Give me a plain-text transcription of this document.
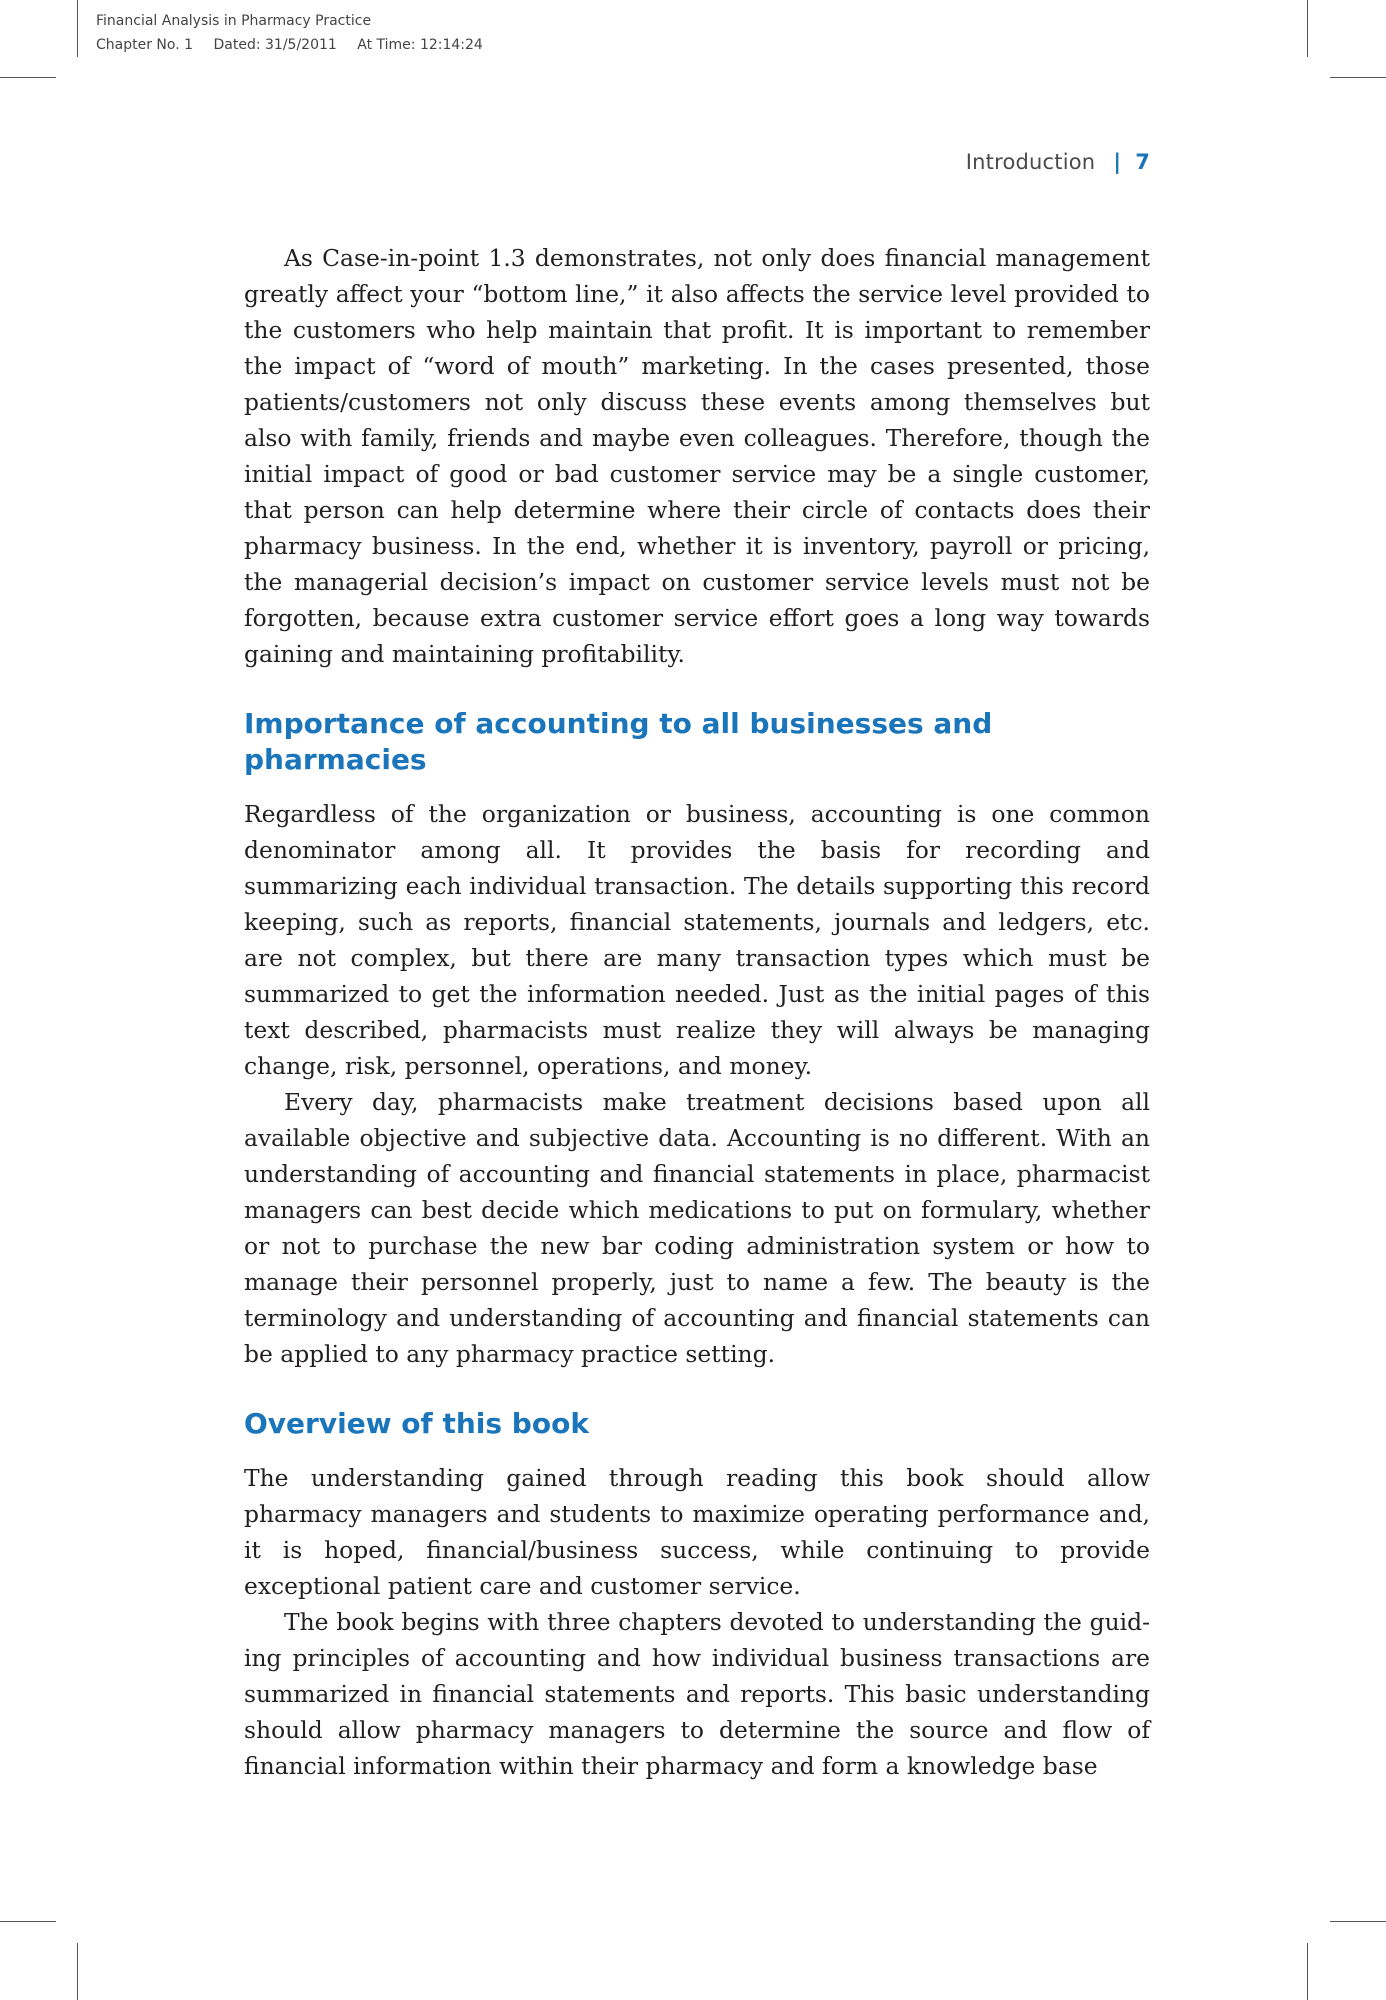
Financial Analysis in Pharmacy Practice
Chapter No. 1 Dated: 31/5/2011 At Time: 12:14:24
Introduction | 7

As Case-in-point 1.3 demonstrates, not only does financial management greatly affect your “bottom line,” it also affects the service level provided to the customers who help maintain that profit. It is important to remember the impact of “word of mouth” marketing. In the cases presented, those patients/customers not only discuss these events among themselves but also with family, friends and maybe even colleagues. Therefore, though the initial impact of good or bad customer service may be a single customer, that person can help determine where their circle of contacts does their pharmacy business. In the end, whether it is inventory, payroll or pricing, the managerial decision’s impact on customer service levels must not be forgotten, because extra customer service effort goes a long way towards gaining and maintaining profitability.

Importance of accounting to all businesses and pharmacies

Regardless of the organization or business, accounting is one common denominator among all. It provides the basis for recording and summarizing each individual transaction. The details supporting this record keeping, such as reports, financial statements, journals and ledgers, etc. are not complex, but there are many transaction types which must be summarized to get the information needed. Just as the initial pages of this text described, pharmacists must realize they will always be managing change, risk, personnel, operations, and money.

Every day, pharmacists make treatment decisions based upon all available objective and subjective data. Accounting is no different. With an understanding of accounting and financial statements in place, pharmacist managers can best decide which medications to put on formulary, whether or not to purchase the new bar coding administration system or how to manage their personnel properly, just to name a few. The beauty is the terminology and understanding of accounting and financial statements can be applied to any pharmacy practice setting.

Overview of this book

The understanding gained through reading this book should allow pharmacy managers and students to maximize operating performance and, it is hoped, financial/business success, while continuing to provide exceptional patient care and customer service.

The book begins with three chapters devoted to understanding the guiding principles of accounting and how individual business transactions are summarized in financial statements and reports. This basic understanding should allow pharmacy managers to determine the source and flow of financial information within their pharmacy and form a knowledge base
